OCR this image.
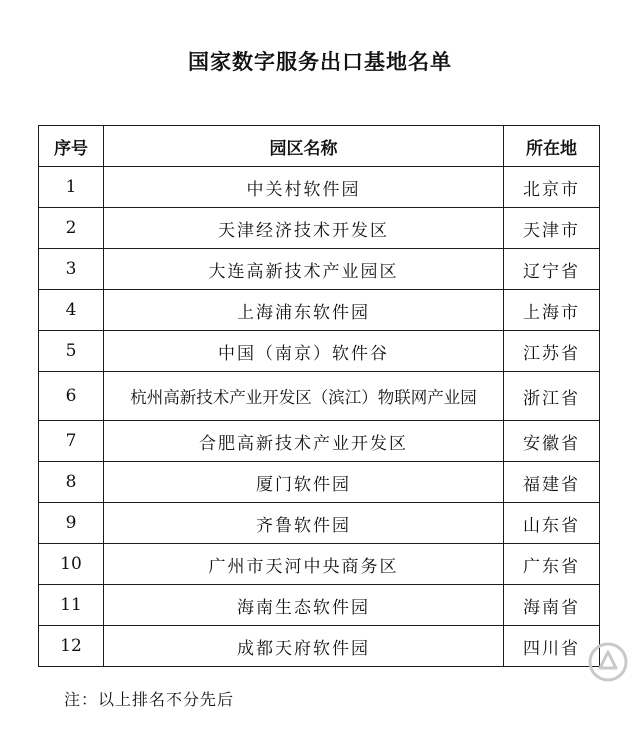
国家数字服务出口基地名单
序号	园区名称	所在地
1	中关村软件园	北京市
2	天津经济技术开发区	天津市
3	大连高新技术产业园区	辽宁省
4	上海浦东软件园	上海市
5	中国（南京）软件谷	江苏省
6	杭州高新技术产业开发区（滨江）物联网产业园	浙江省
7	合肥高新技术产业开发区	安徽省
8	厦门软件园	福建省
9	齐鲁软件园	山东省
10	广州市天河中央商务区	广东省
11	海南生态软件园	海南省
12	成都天府软件园	四川省
注：以上排名不分先后
